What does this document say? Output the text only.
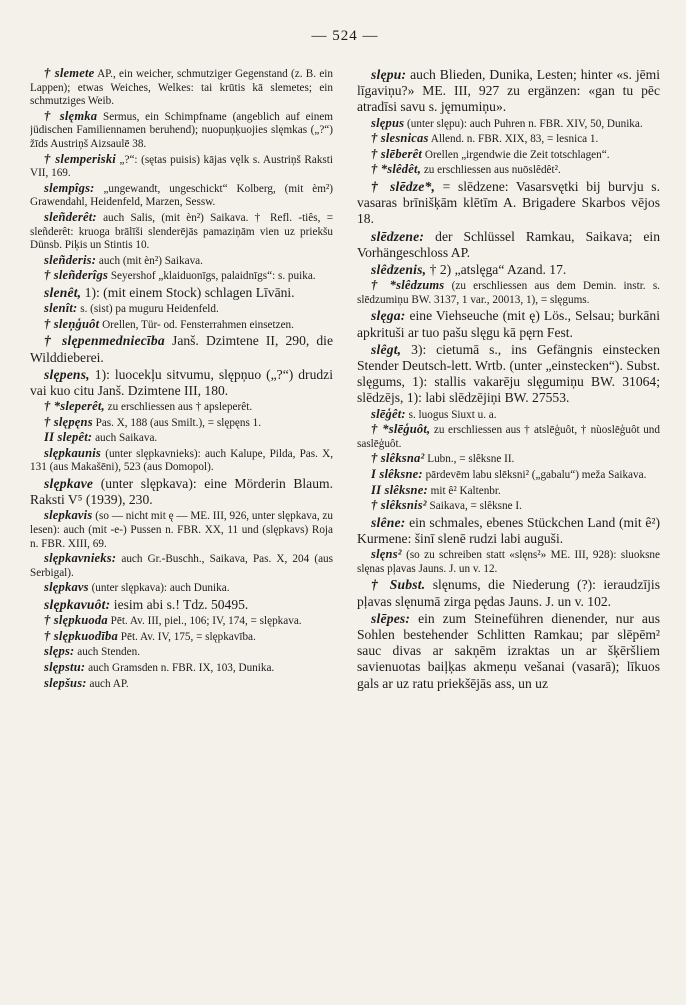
— 524 —

† slemete AP., ein weicher, schmutziger Gegenstand (z. B. ein Lappen); etwas Weiches, Welkes: tai krūtis kā slemetes; ein schmutziges Weib.

† slęmka Sermus, ein Schimpfname (angeblich auf einem jüdischen Familiennamen beruhend); nuopuņķuojies slęmkas („?“) žīds Austriņš Aizsaulē 38.

† slemperiski „?“: (sętas puisis) kājas vęlk s. Austriņš Raksti VII, 169.

slempîgs: „ungewandt, ungeschickt“ Kolberg, (mit èm²) Grawendahl, Heidenfeld, Marzen, Sessw.

sleñderêt: auch Salis, (mit èn²) Saikava. † Refl. -tiês, = sleñderêt: kruoga brālīši slenderējās pamaziņām vien uz priekšu Dünsb. Piķis un Stintis 10.

sleñderis: auch (mit èn²) Saikava.

† sleñderîgs Seyershof „klaiduonīgs, palaidnīgs“: s. puika.

slenêt, 1): (mit einem Stock) schlagen Līvāni.

slenît: s. (sist) pa muguru Heidenfeld.

† sleņģuôt Orellen, Tür- od. Fensterrahmen einsetzen.

† slępenmedniecība Janš. Dzimtene II, 290, die Wilddieberei.

slępens, 1): luocekļu sitvumu, slępņuo („?“) drudzi vai kuo citu Janš. Dzimtene III, 180.

† *sleperêt, zu erschliessen aus † apsleperêt.

† slępęns Pas. X, 188 (aus Smilt.), = slępęns 1.

II slepêt: auch Saikava.

slępkaunis (unter slępkavnieks): auch Kalupe, Pilda, Pas. X, 131 (aus Makašēni), 523 (aus Domopol).

slępkave (unter slępkava): eine Mörderin Blaum. Raksti V⁵ (1939), 230.

slepkavis (so — nicht mit ę — ME. III, 926, unter slępkava, zu lesen): auch (mit -e-) Pussen n. FBR. XX, 11 und (slępkavs) Roja n. FBR. XIII, 69.

slępkavnieks: auch Gr.-Buschh., Saikava, Pas. X, 204 (aus Serbigal).

slępkavs (unter slępkava): auch Dunika.

slępkavuôt: iesim abi s.! Tdz. 50495.

† slępkuoda Pēt. Av. III, piel., 106; IV, 174, = slępkava.

† slępkuodība Pēt. Av. IV, 175, = slępkavība.

slęps: auch Stenden.

slępstu: auch Gramsden n. FBR. IX, 103, Dunika.

slepšus: auch AP.

slępu: auch Blieden, Dunika, Lesten; hinter «s. jēmi līgaviņu?» ME. III, 927 zu ergänzen: «gan tu pēc atradīsi savu s. jęmumiņu».

slępus (unter slępu): auch Puhren n. FBR. XIV, 50, Dunika.

† slesnicas Allend. n. FBR. XIX, 83, = lesnica 1.

† slēberêt Orellen „irgendwie die Zeit totschlagen“.

† *slêdêt, zu erschliessen aus nuōslêdêt².

† slēdze*, = slēdzene: Vasarsvętki bij burvju s. vasaras brīnišķām klētīm A. Brigadere Skarbos vējos 18.

slēdzene: der Schlüssel Ramkau, Saikava; ein Vorhängeschloss AP.

slêdzenis, † 2) „atslęga“ Azand. 17.

† *slêdzums (zu erschliessen aus dem Demin. instr. s. slēdzumiņu BW. 3137, 1 var., 20013, 1), = slęgums.

slęga: eine Viehseuche (mit ę) Lös., Selsau; burkāni apkrituši ar tuo pašu slęgu kā pęrn Fest.

slêgt, 3): cietumā s., ins Gefängnis einstecken Stender Deutsch-lett. Wrtb. (unter „einstecken“). Subst. slęgums, 1): stallis vakarēju slęgumiņu BW. 31064; slēdzējs, 1): labi slēdzējiņi BW. 27553.

slēģêt: s. luogus Siuxt u. a.

† *slēģuôt, zu erschliessen aus † atslēģuôt, † nùoslēģuôt und saslēģuôt.

† slêksna² Lubn., = slêksne II.

I slêksne: pārdevēm labu slēksni² („gabalu“) meža Saikava.

II slêksne: mit ê² Kaltenbr.

† slêksnis² Saikava, = slêksne I.

slêne: ein schmales, ebenes Stückchen Land (mit ê²) Kurmene: šinī slenē rudzi labi auguši.

slęns² (so zu schreiben statt «slęns²» ME. III, 928): sluoksne slęnas pļavas Jauns. J. un v. 12.

† Subst. slęnums, die Niederung (?): ieraudzījis pļavas slęnumā zirga pędas Jauns. J. un v. 102.

slēpes: ein zum Steineführen dienender, nur aus Sohlen bestehender Schlitten Ramkau; par slēpēm² sauc divas ar sakņēm izraktas un ar šķēršliem savienuotas baiļķas akmeņu vešanai (vasarā); līkuos gals ar uz ratu priekšējās ass, un uz
